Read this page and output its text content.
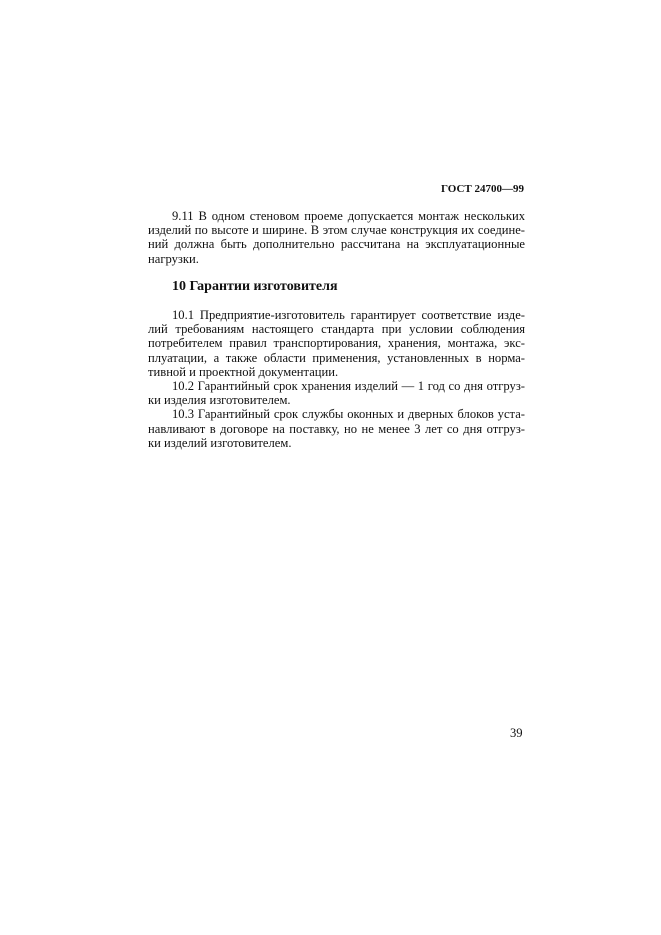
ГОСТ 24700—99
9.11 В одном стеновом проеме допускается монтаж нескольких
изделий по высоте и ширине. В этом случае конструкция их соедине-
ний должна быть дополнительно рассчитана на эксплуатационные
нагрузки.
10 Гарантии изготовителя
10.1 Предприятие-изготовитель гарантирует соответствие изде-
лий требованиям настоящего стандарта при условии соблюдения
потребителем правил транспортирования, хранения, монтажа, экс-
плуатации, а также области применения, установленных в норма-
тивной и проектной документации.
10.2 Гарантийный срок хранения изделий — 1 год со дня отгруз-
ки изделия изготовителем.
10.3 Гарантийный срок службы оконных и дверных блоков уста-
навливают в договоре на поставку, но не менее 3 лет со дня отгруз-
ки изделий изготовителем.
39
